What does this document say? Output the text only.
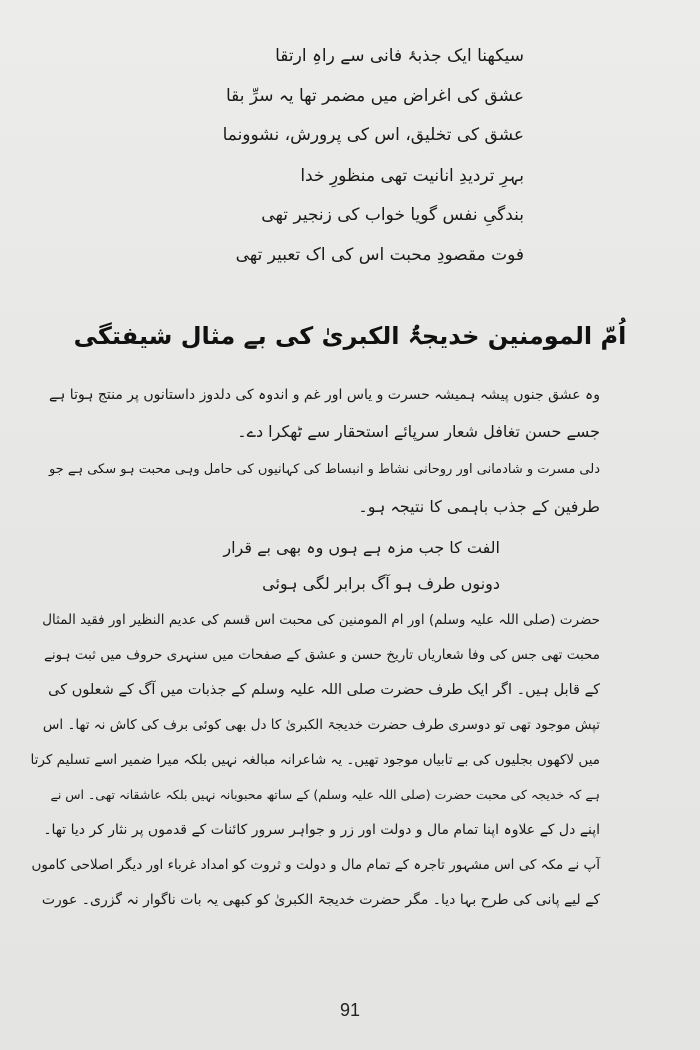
سیکھنا ایک جذبۂ فانی سے راہِ ارتقا
عشق کی اغراض میں مضمر تھا یہ سرِّ بقا
عشق کی تخلیق، اس کی پرورش، نشوونما
بہرِ تردیدِ انانیت تھی منظورِ خدا
بندگیِ نفس گویا خواب کی زنجیر تھی
فوت مقصودِ محبت اس کی اک تعبیر تھی
اُمّ المومنین خدیجۃُ الکبریٰ کی بے مثال شیفتگی
وہ عشق جنوں پیشہ ہمیشہ حسرت و یاس اور غم و اندوہ کی دلدوز داستانوں پر منتج ہوتا ہے
جسے حسن تغافل شعار سرپائے استحقار سے ٹھکرا دے۔
دلی مسرت و شادمانی اور روحانی نشاط و انبساط کی کہانیوں کی حامل وہی محبت ہو سکی ہے جو
طرفین کے جذب باہمی کا نتیجہ ہو۔
الفت کا جب مزہ ہے ہوں وہ بھی بے قرار
دونوں طرف ہو آگ برابر لگی ہوئی
حضرت (صلی اللہ علیہ وسلم) اور ام المومنین کی محبت اس قسم کی عدیم النظیر اور فقید المثال
محبت تھی جس کی وفا شعاریاں تاریخ حسن و عشق کے صفحات میں سنہری حروف میں ثبت ہونے
کے قابل ہیں۔ اگر ایک طرف حضرت صلی اللہ علیہ وسلم کے جذبات میں آگ کے شعلوں کی
تپش موجود تھی تو دوسری طرف حضرت خدیجۃ الکبریٰ کا دل بھی کوئی برف کی کاش نہ تھا۔ اس
میں لاکھوں بجلیوں کی بے تابیاں موجود تھیں۔ یہ شاعرانہ مبالغہ نہیں بلکہ میرا ضمیر اسے تسلیم کرتا
ہے کہ خدیجہ کی محبت حضرت (صلی اللہ علیہ وسلم) کے ساتھ محبوبانہ نہیں بلکہ عاشقانہ تھی۔ اس نے
اپنے دل کے علاوہ اپنا تمام مال و دولت اور زر و جواہر سرور کائنات کے قدموں پر نثار کر دیا تھا۔
آپ نے مکہ کی اس مشہور تاجرہ کے تمام مال و دولت و ثروت کو امداد غرباء اور دیگر اصلاحی کاموں
کے لیے پانی کی طرح بہا دیا۔ مگر حضرت خدیجۃ الکبریٰ کو کبھی یہ بات ناگوار نہ گزری۔ عورت
91
